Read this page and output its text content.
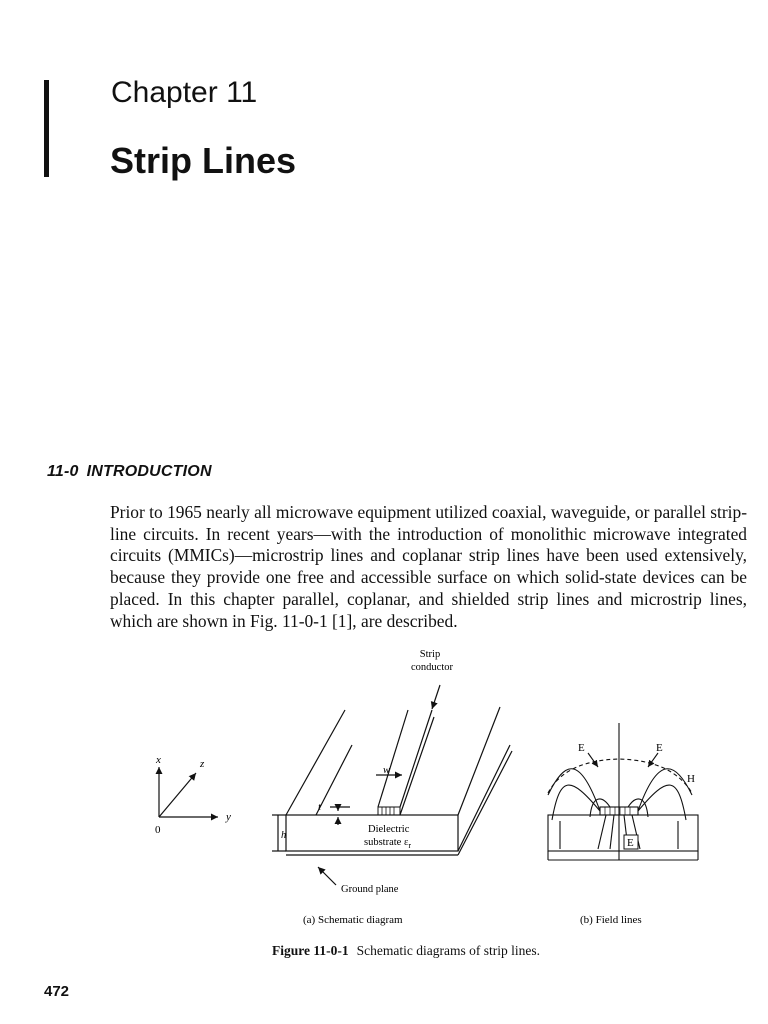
Chapter 11
Strip Lines
11-0 INTRODUCTION
Prior to 1965 nearly all microwave equipment utilized coaxial, waveguide, or parallel strip-line circuits. In recent years—with the introduction of monolithic microwave integrated circuits (MMICs)—microstrip lines and coplanar strip lines have been used extensively, because they provide one free and accessible surface on which solid-state devices can be placed. In this chapter parallel, coplanar, and shielded strip lines and microstrip lines, which are shown in Fig. 11-0-1 [1], are described.
x
y
z
0
Strip
conductor
w
t
h
Dielectric
substrate $\varepsilon_r$
Ground plane
E	E
H
E
(a) Schematic diagram	(b) Field lines
Figure 11-0-1 Schematic diagrams of strip lines.
472
